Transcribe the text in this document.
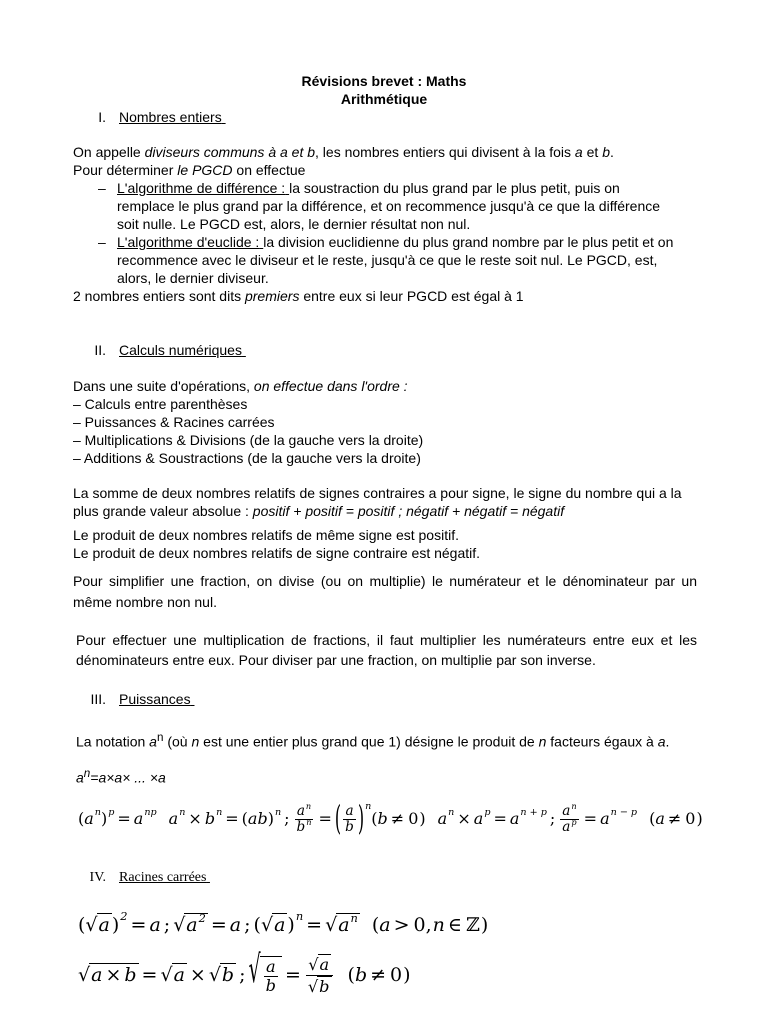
Révisions brevet : Maths
Arithmétique
I. Nombres entiers
On appelle diviseurs communs à a et b, les nombres entiers qui divisent à la fois a et b.
Pour déterminer le PGCD on effectue
– L'algorithme de différence : la soustraction du plus grand par le plus petit, puis on remplace le plus grand par la différence, et on recommence jusqu'à ce que la différence soit nulle. Le PGCD est, alors, le dernier résultat non nul.
– L'algorithme d'euclide : la division euclidienne du plus grand nombre par le plus petit et on recommence avec le diviseur et le reste, jusqu'à ce que le reste soit nul. Le PGCD, est, alors, le dernier diviseur.
2 nombres entiers sont dits premiers entre eux si leur PGCD est égal à 1
II. Calculs numériques
Dans une suite d'opérations, on effectue dans l'ordre :
– Calculs entre parenthèses
– Puissances & Racines carrées
– Multiplications & Divisions (de la gauche vers la droite)
– Additions & Soustractions (de la gauche vers la droite)
La somme de deux nombres relatifs de signes contraires a pour signe, le signe du nombre qui a la plus grande valeur absolue : positif + positif = positif ; négatif + négatif = négatif
Le produit de deux nombres relatifs de même signe est positif.
Le produit de deux nombres relatifs de signe contraire est négatif.
Pour simplifier une fraction, on divise (ou on multiplie) le numérateur et le dénominateur par un même nombre non nul.
Pour effectuer une multiplication de fractions, il faut multiplier les numérateurs entre eux et les dénominateurs entre eux. Pour diviser par une fraction, on multiplie par son inverse.
III. Puissances
La notation $a^n$ (où n est une entier plus grand que 1) désigne le produit de n facteurs égaux à a.
$a^n=a\times a\times$ ... ×a
( a n ) p = a np a n × b n = ( ab ) n ; $\frac{\text{a n}}{\text{b n}}$ = ( $\frac{a}{b}$ ) n
( b ≠ 0 ) a n × a p = a n + p ; $\frac{\text{a n}}{\text{a p}} = a$ n − p ( a ≠ 0 )
IV. Racines carrées
( √ a ) 2 = a ; √ a 2 = a ; ( √ a ) n = √ a n ( a > 0, n ∈ ℤ )
√ a × b = √ a × √ b ; √ $\frac{a}{b} = \frac{√ a}{√ b}$ ( b ≠ 0 )
